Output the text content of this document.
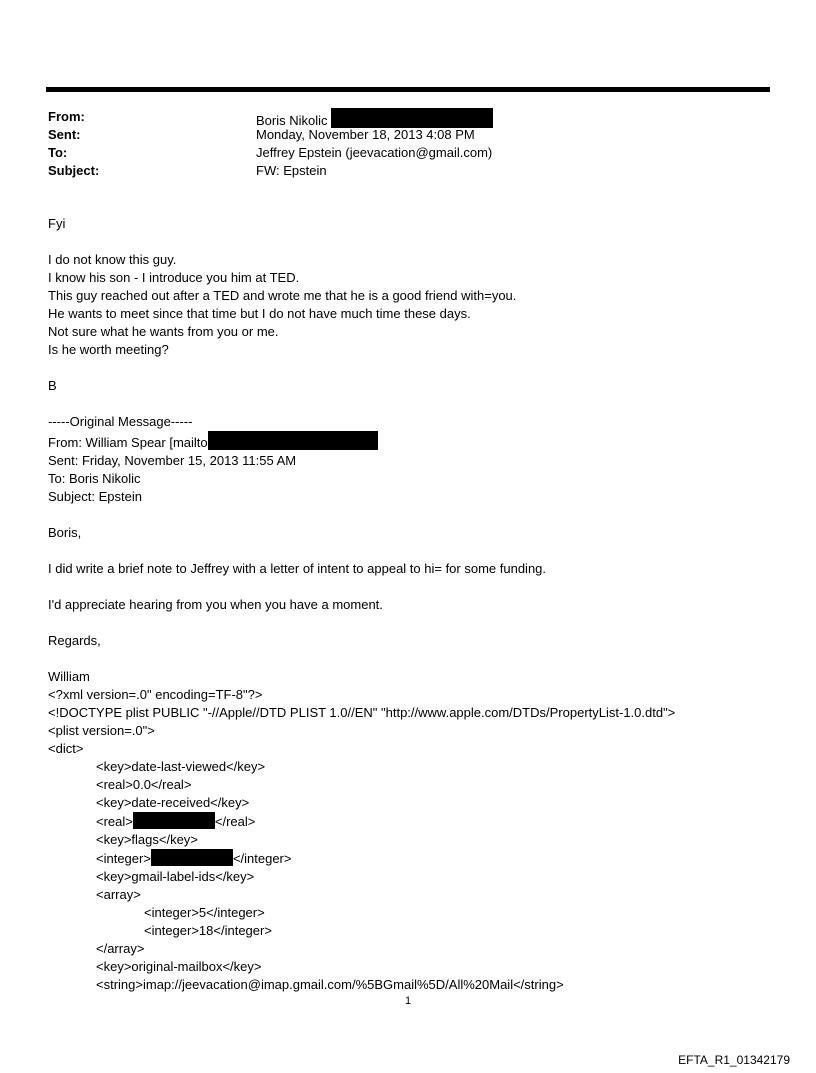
From:	Boris Nikolic
Sent:	Monday, November 18, 2013 4:08 PM
To:	Jeffrey Epstein (jeevacation@gmail.com)
Subject:	FW: Epstein

Fyi

I do not know this guy.

I know his son - I introduce you him at TED.

This guy reached out after a TED and wrote me that he is a good friend with=you.

He wants to meet since that time but I do not have much time these days.

Not sure what he wants from you or me.

Is he worth meeting?

B

-----Original Message-----

From: William Spear [mailto

Sent: Friday, November 15, 2013 11:55 AM

To: Boris Nikolic

Subject: Epstein

Boris,

I did write a brief note to Jeffrey with a letter of intent to appeal to hi= for some funding.

I'd appreciate hearing from you when you have a moment.

Regards,

William

<?xml version=.0" encoding=TF-8"?>

<!DOCTYPE plist PUBLIC "-//Apple//DTD PLIST 1.0//EN" "http://www.apple.com/DTDs/PropertyList-1.0.dtd">

<plist version=.0">

<dict>

<key>date-last-viewed</key>

<real>0.0</real>

<key>date-received</key>

<real>	</real>

<key>flags</key>

<integer>	</integer>

<key>gmail-label-ids</key>

<array>

<integer>5</integer>

<integer>18</integer>

</array>

<key>original-mailbox</key>

<string>imap://jeevacation@imap.gmail.com/%5BGmail%5D/All%20Mail</string>

1
EFTA_R1_01342179
